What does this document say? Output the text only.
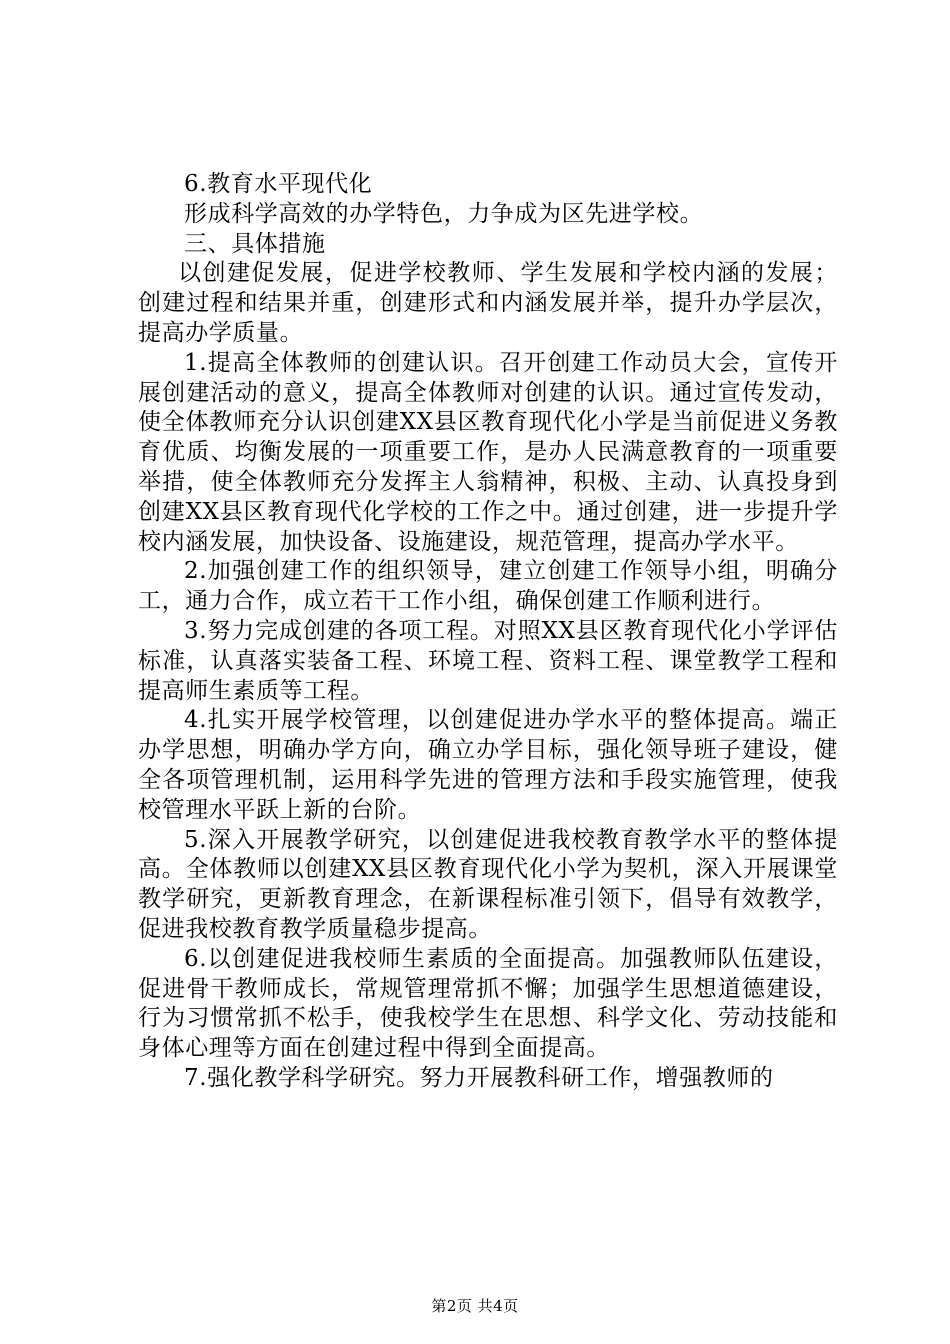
6.教育水平现代化

形成科学高效的办学特色，力争成为区先进学校。

三、具体措施

以创建促发展，促进学校教师、学生发展和学校内涵的发展；创建过程和结果并重，创建形式和内涵发展并举，提升办学层次，提高办学质量。

1.提高全体教师的创建认识。召开创建工作动员大会，宣传开展创建活动的意义，提高全体教师对创建的认识。通过宣传发动，使全体教师充分认识创建XX县区教育现代化小学是当前促进义务教育优质、均衡发展的一项重要工作，是办人民满意教育的一项重要举措，使全体教师充分发挥主人翁精神，积极、主动、认真投身到创建XX县区教育现代化学校的工作之中。通过创建，进一步提升学校内涵发展，加快设备、设施建设，规范管理，提高办学水平。

2.加强创建工作的组织领导，建立创建工作领导小组，明确分工，通力合作，成立若干工作小组，确保创建工作顺利进行。

3.努力完成创建的各项工程。对照XX县区教育现代化小学评估标准，认真落实装备工程、环境工程、资料工程、课堂教学工程和提高师生素质等工程。

4.扎实开展学校管理，以创建促进办学水平的整体提高。端正办学思想，明确办学方向，确立办学目标，强化领导班子建设，健全各项管理机制，运用科学先进的管理方法和手段实施管理，使我校管理水平跃上新的台阶。

5.深入开展教学研究，以创建促进我校教育教学水平的整体提高。全体教师以创建XX县区教育现代化小学为契机，深入开展课堂教学研究，更新教育理念，在新课程标准引领下，倡导有效教学，促进我校教育教学质量稳步提高。

6.以创建促进我校师生素质的全面提高。加强教师队伍建设，促进骨干教师成长，常规管理常抓不懈；加强学生思想道德建设，行为习惯常抓不松手，使我校学生在思想、科学文化、劳动技能和身体心理等方面在创建过程中得到全面提高。

7.强化教学科学研究。努力开展教科研工作，增强教师的

第2页 共4页
